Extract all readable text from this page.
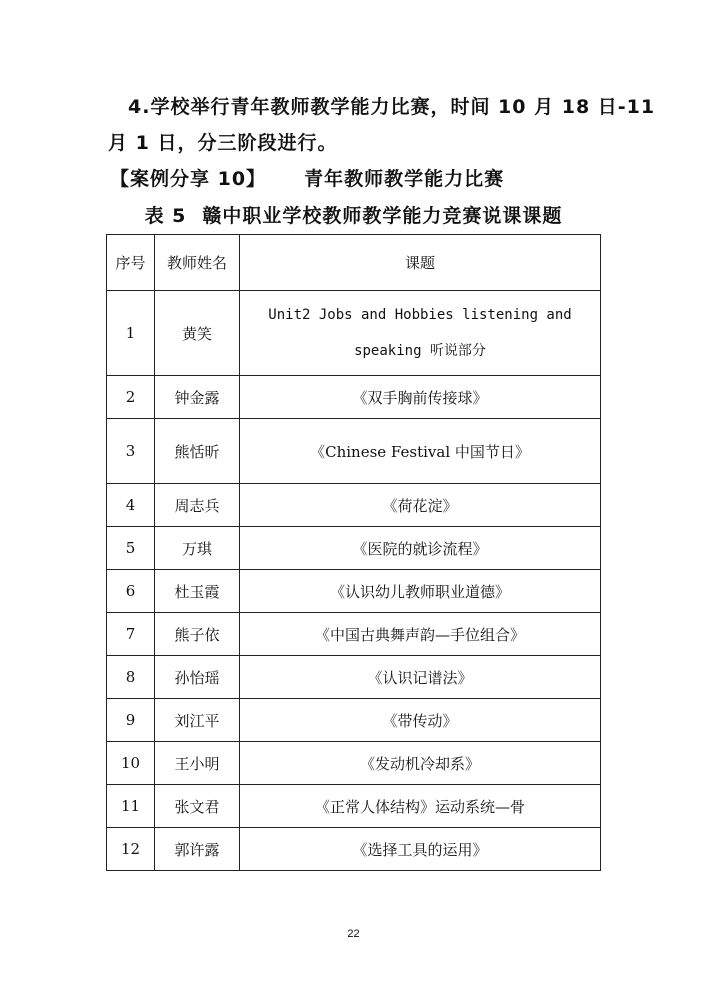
4.学校举行青年教师教学能力比赛，时间 10 月 18 日-11
月 1 日，分三阶段进行。
【案例分享 10】 青年教师教学能力比赛
表 5 赣中职业学校教师教学能力竞赛说课课题
序号	教师姓名	课题
1	黄笑	Unit2 Jobs and Hobbies listening and speaking 听说部分
2	钟金露	《双手胸前传接球》
3	熊恬昕	《Chinese Festival 中国节日》
4	周志兵	《荷花淀》
5	万琪	《医院的就诊流程》
6	杜玉霞	《认识幼儿教师职业道德》
7	熊子依	《中国古典舞声韵—手位组合》
8	孙怡瑶	《认识记谱法》
9	刘江平	《带传动》
10	王小明	《发动机冷却系》
11	张文君	《正常人体结构》运动系统—骨
12	郭许露	《选择工具的运用》
22
